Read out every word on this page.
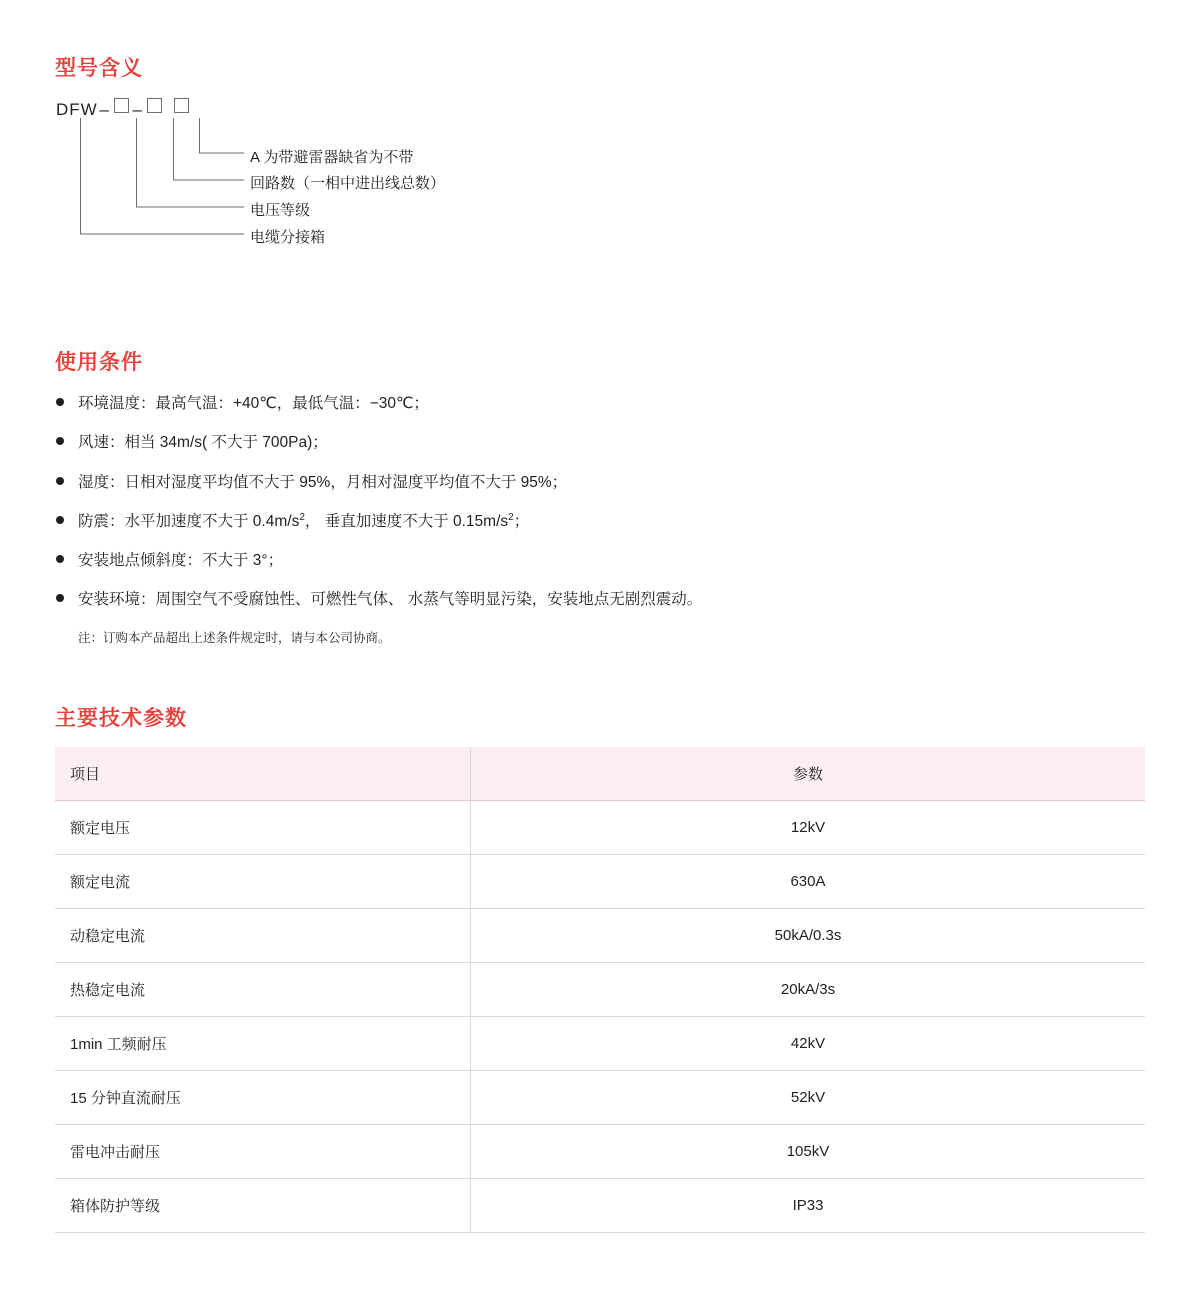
型号含义
DFW – –
A 为带避雷器缺省为不带
回路数（一相中进出线总数）
电压等级
电缆分接箱
使用条件
环境温度：最高气温：+40℃，最低气温：−30℃；
风速：相当 34m/s( 不大于 700Pa)；
湿度：日相对湿度平均值不大于 95%，月相对湿度平均值不大于 95%；
防震：水平加速度不大于 $0.4m/s^2$， 垂直加速度不大于 $0.15m/s^2$；
安装地点倾斜度：不大于 3°；
安装环境：周围空气不受腐蚀性、可燃性气体、 水蒸气等明显污染，安装地点无剧烈震动。
注：订购本产品超出上述条件规定时，请与本公司协商。
主要技术参数
项目	参数
额定电压	12kV
额定电流	630A
动稳定电流	50kA/0.3s
热稳定电流	20kA/3s
1min 工频耐压	42kV
15 分钟直流耐压	52kV
雷电冲击耐压	105kV
箱体防护等级	IP33
